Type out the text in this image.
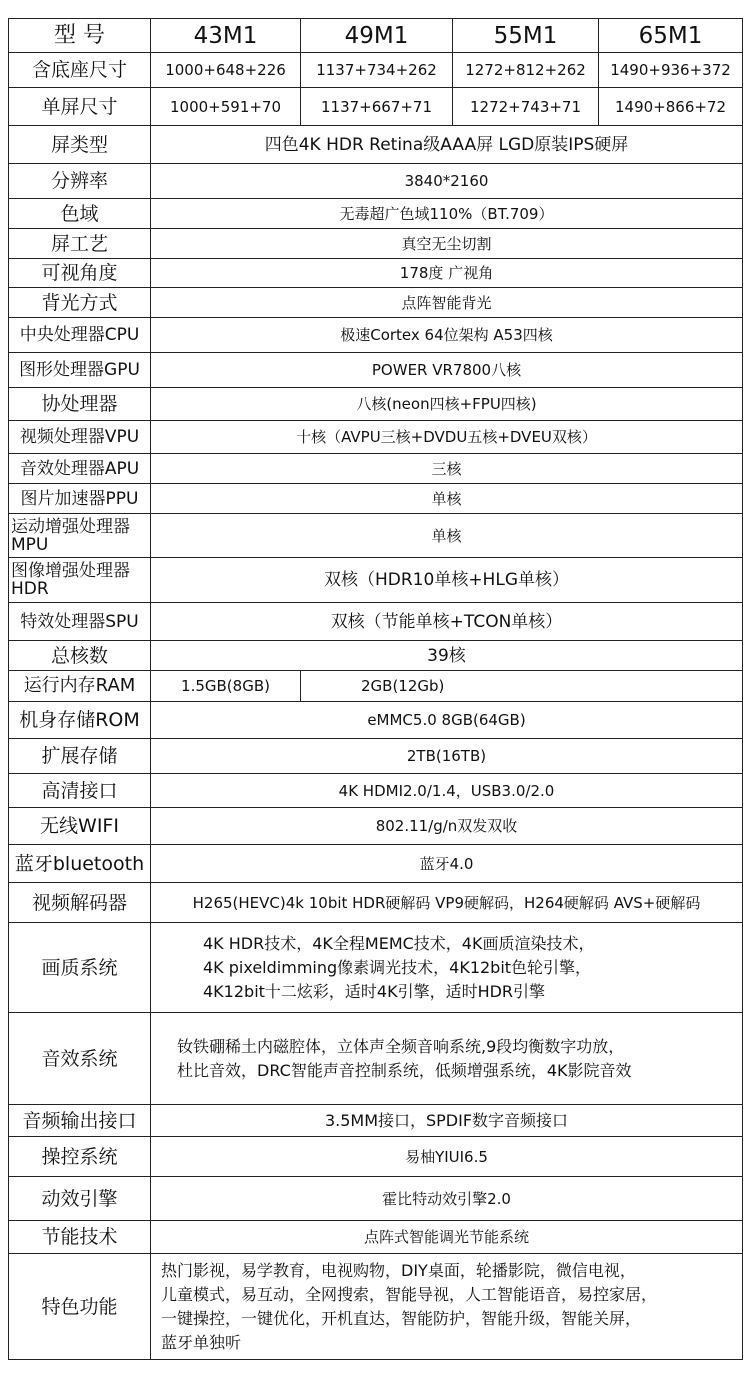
型 号	43M1	49M1	55M1	65M1
含底座尺寸	1000+648+226	1137+734+262	1272+812+262	1490+936+372
单屏尺寸	1000+591+70	1137+667+71	1272+743+71	1490+866+72
屏类型	四色4K HDR Retina级AAA屏 LGD原装IPS硬屏			
分辨率	3840*2160			
色域	无毒超广色域110%（BT.709）			
屏工艺	真空无尘切割			
可视角度	178度 广视角			
背光方式	点阵智能背光			
中央处理器CPU	极速Cortex 64位架构 A53四核			
图形处理器GPU	POWER VR7800八核			
协处理器	八核(neon四核+FPU四核)			
视频处理器VPU	十核（AVPU三核+DVDU五核+DVEU双核）			
音效处理器APU	三核			
图片加速器PPU	单核			
运动增强处理器MPU	单核			
图像增强处理器HDR	双核（HDR10单核+HLG单核）			
特效处理器SPU	双核（节能单核+TCON单核）			
总核数	39核			
运行内存RAM	1.5GB(8GB)	2GB(12Gb)		
机身存储ROM	eMMC5.0 8GB(64GB)			
扩展存储	2TB(16TB)			
高清接口	4K HDMI2.0/1.4，USB3.0/2.0			
无线WIFI	802.11/g/n双发双收			
蓝牙bluetooth	蓝牙4.0			
视频解码器	H265(HEVC)4k 10bit HDR硬解码 VP9硬解码，H264硬解码 AVS+硬解码			
画质系统	4K HDR技术，4K全程MEMC技术，4K画质渲染技术，
4K pixeldimming像素调光技术，4K12bit色轮引擎，
4K12bit十二炫彩，适时4K引擎，适时HDR引擎			

音效系统	钕铁硼稀土内磁腔体，立体声全频音响系统,9段均衡数字功放，
杜比音效，DRC智能声音控制系统，低频增强系统，4K影院音效			

音频输出接口	3.5MM接口，SPDIF数字音频接口			
操控系统	易柚YIUI6.5			
动效引擎	霍比特动效引擎2.0			
节能技术	点阵式智能调光节能系统			
特色功能	热门影视，易学教育，电视购物，DIY桌面，轮播影院，微信电视，
儿童模式，易互动，全网搜索，智能导视，人工智能语音，易控家居，
一键操控，一键优化，开机直达，智能防护，智能升级，智能关屏，
蓝牙单独听			
